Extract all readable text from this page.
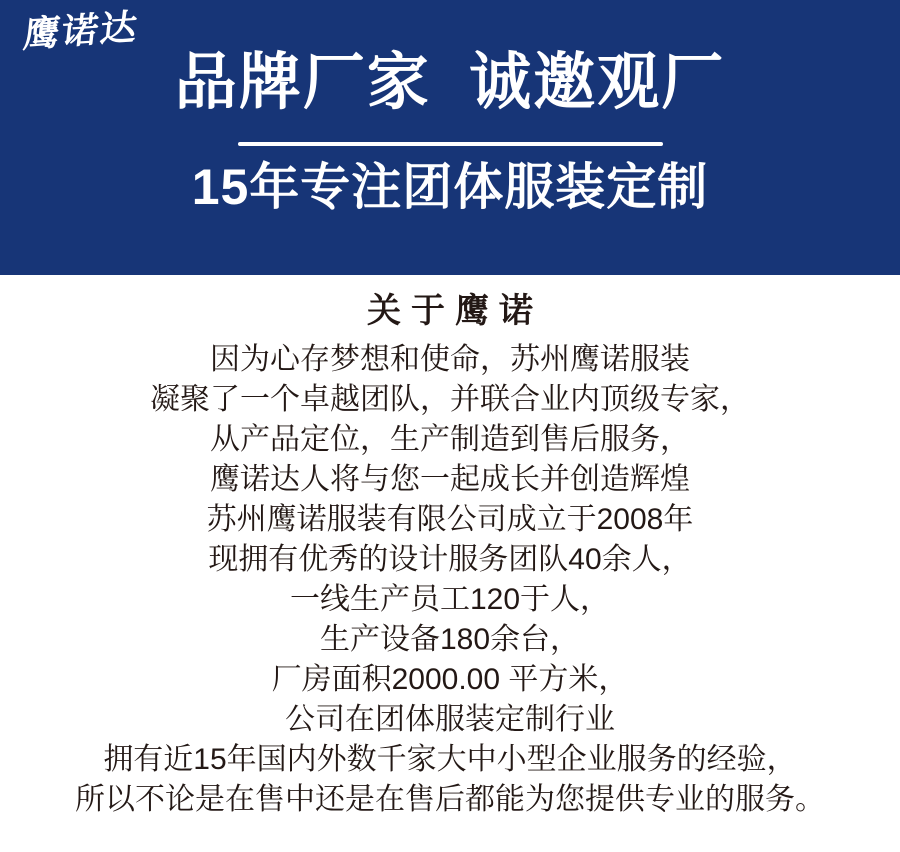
鹰诺达
品牌厂家  诚邀观厂
15年专注团体服装定制
关于鹰诺

因为心存梦想和使命，苏州鹰诺服装

凝聚了一个卓越团队，并联合业内顶级专家，

从产品定位，生产制造到售后服务，

鹰诺达人将与您一起成长并创造辉煌

苏州鹰诺服装有限公司成立于2008年

现拥有优秀的设计服务团队40余人，

一线生产员工120于人，

生产设备180余台，

厂房面积2000.00 平方米，

公司在团体服装定制行业

拥有近15年国内外数千家大中小型企业服务的经验，

所以不论是在售中还是在售后都能为您提供专业的服务。
